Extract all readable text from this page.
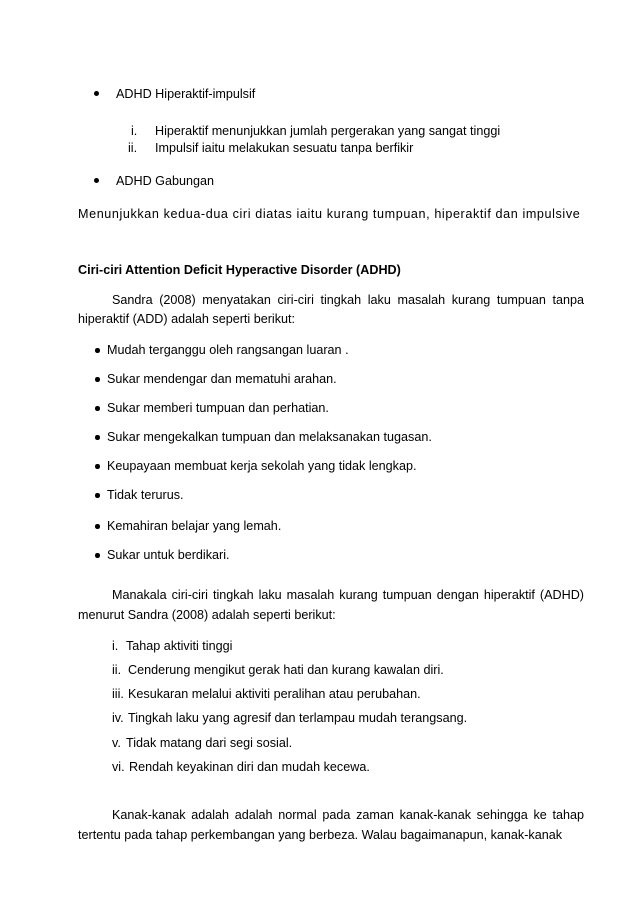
ADHD Hiperaktif-impulsif
i. Hiperaktif menunjukkan jumlah pergerakan yang sangat tinggi
ii. Impulsif iaitu melakukan sesuatu tanpa berfikir
ADHD Gabungan
Menunjukkan kedua-dua ciri diatas iaitu kurang tumpuan, hiperaktif dan impulsive
Ciri-ciri Attention Deficit Hyperactive Disorder (ADHD)
Sandra (2008) menyatakan ciri-ciri tingkah laku masalah kurang tumpuan tanpa hiperaktif (ADD) adalah seperti berikut:
Mudah terganggu oleh rangsangan luaran .
Sukar mendengar dan mematuhi arahan.
Sukar memberi tumpuan dan perhatian.
Sukar mengekalkan tumpuan dan melaksanakan tugasan.
Keupayaan membuat kerja sekolah yang tidak lengkap.
Tidak terurus.
Kemahiran belajar yang lemah.
Sukar untuk berdikari.
Manakala ciri-ciri tingkah laku masalah kurang tumpuan dengan hiperaktif (ADHD) menurut Sandra (2008) adalah seperti berikut:
i. Tahap aktiviti tinggi
ii. Cenderung mengikut gerak hati dan kurang kawalan diri.
iii. Kesukaran melalui aktiviti peralihan atau perubahan.
iv. Tingkah laku yang agresif dan terlampau mudah terangsang.
v. Tidak matang dari segi sosial.
vi. Rendah keyakinan diri dan mudah kecewa.
Kanak-kanak adalah adalah normal pada zaman kanak-kanak sehingga ke tahap tertentu pada tahap perkembangan yang berbeza. Walau bagaimanapun, kanak-kanak
